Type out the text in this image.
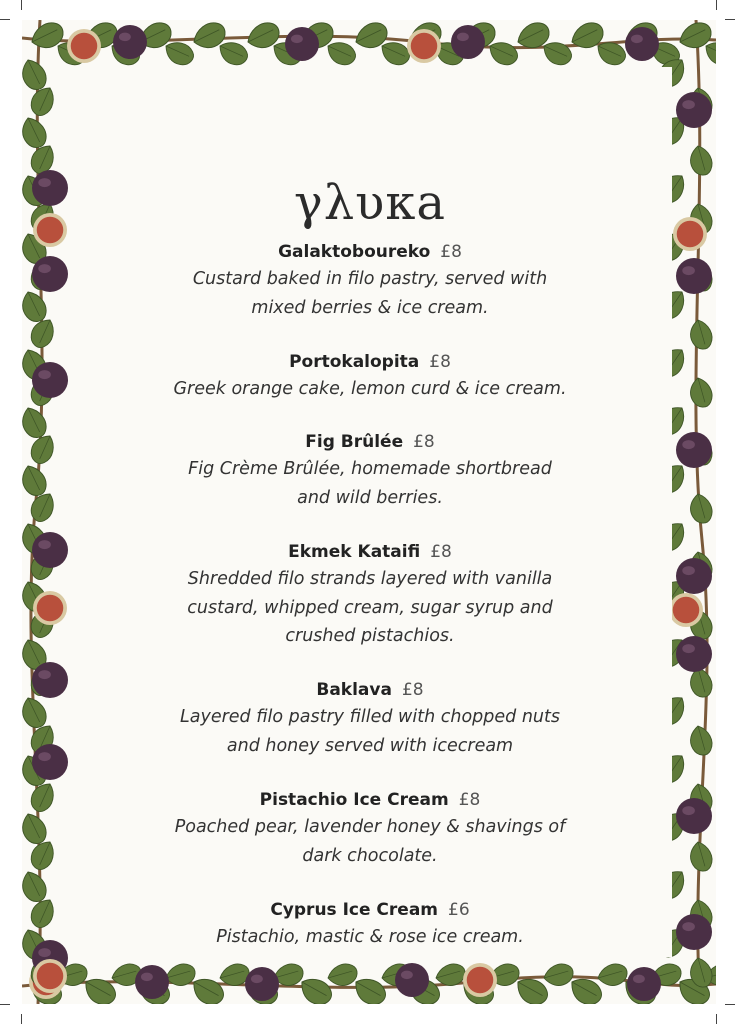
γλυκa
Galaktoboureko £8
Custard baked in filo pastry, served with
mixed berries & ice cream.
Portokalopita £8
Greek orange cake, lemon curd & ice cream.
Fig Brûlée £8
Fig Crème Brûlée, homemade shortbread
and wild berries.
Ekmek Kataifi £8
Shredded filo strands layered with vanilla
custard, whipped cream, sugar syrup and
crushed pistachios.
Baklava £8
Layered filo pastry filled with chopped nuts
and honey served with icecream
Pistachio Ice Cream £8
Poached pear, lavender honey & shavings of
dark chocolate.
Cyprus Ice Cream £6
Pistachio, mastic & rose ice cream.
